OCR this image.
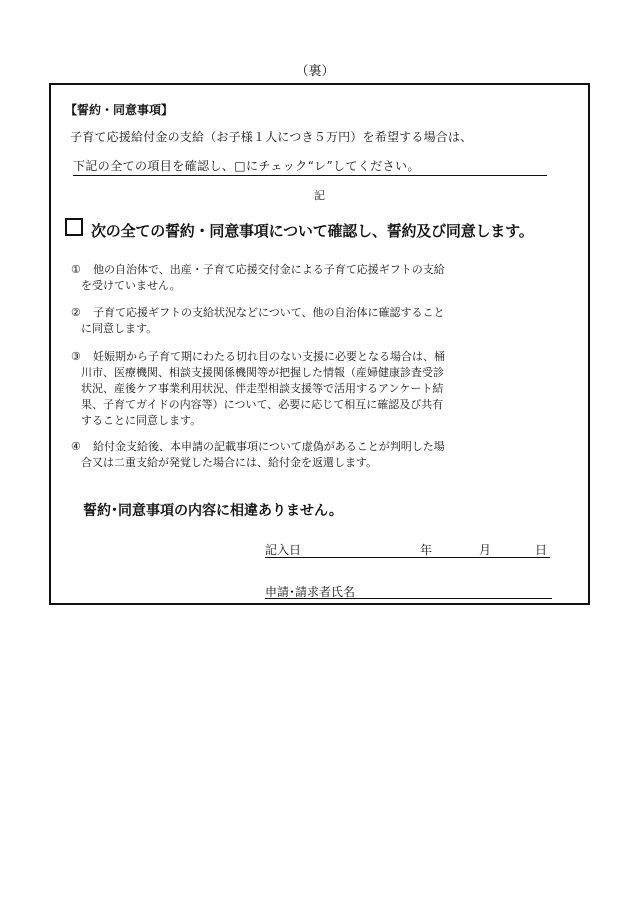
（裏）
【誓約・同意事項】
子育て応援給付金の支給（お子様１人につき５万円）を希望する場合は、
下記の全ての項目を確認し、□にチェック“レ”してください。
記
次の全ての誓約・同意事項について確認し、誓約及び同意します。
①	他の自治体で、出産・子育て応援交付金による子育て応援ギフトの支給
を受けていません。
②	子育て応援ギフトの支給状況などについて、他の自治体に確認すること
に同意します。
③	妊娠期から子育て期にわたる切れ目のない支援に必要となる場合は、桶
川市、医療機関、相談支援関係機関等が把握した情報（産婦健康診査受診
状況、産後ケア事業利用状況、伴走型相談支援等で活用するアンケート結
果、子育てガイドの内容等）について、必要に応じて相互に確認及び共有
することに同意します。
④	給付金支給後、本申請の記載事項について虚偽があることが判明した場
合又は二重支給が発覚した場合には、給付金を返還します。
誓約･同意事項の内容に相違ありません。
記入日	年	月	日
申請･請求者氏名
